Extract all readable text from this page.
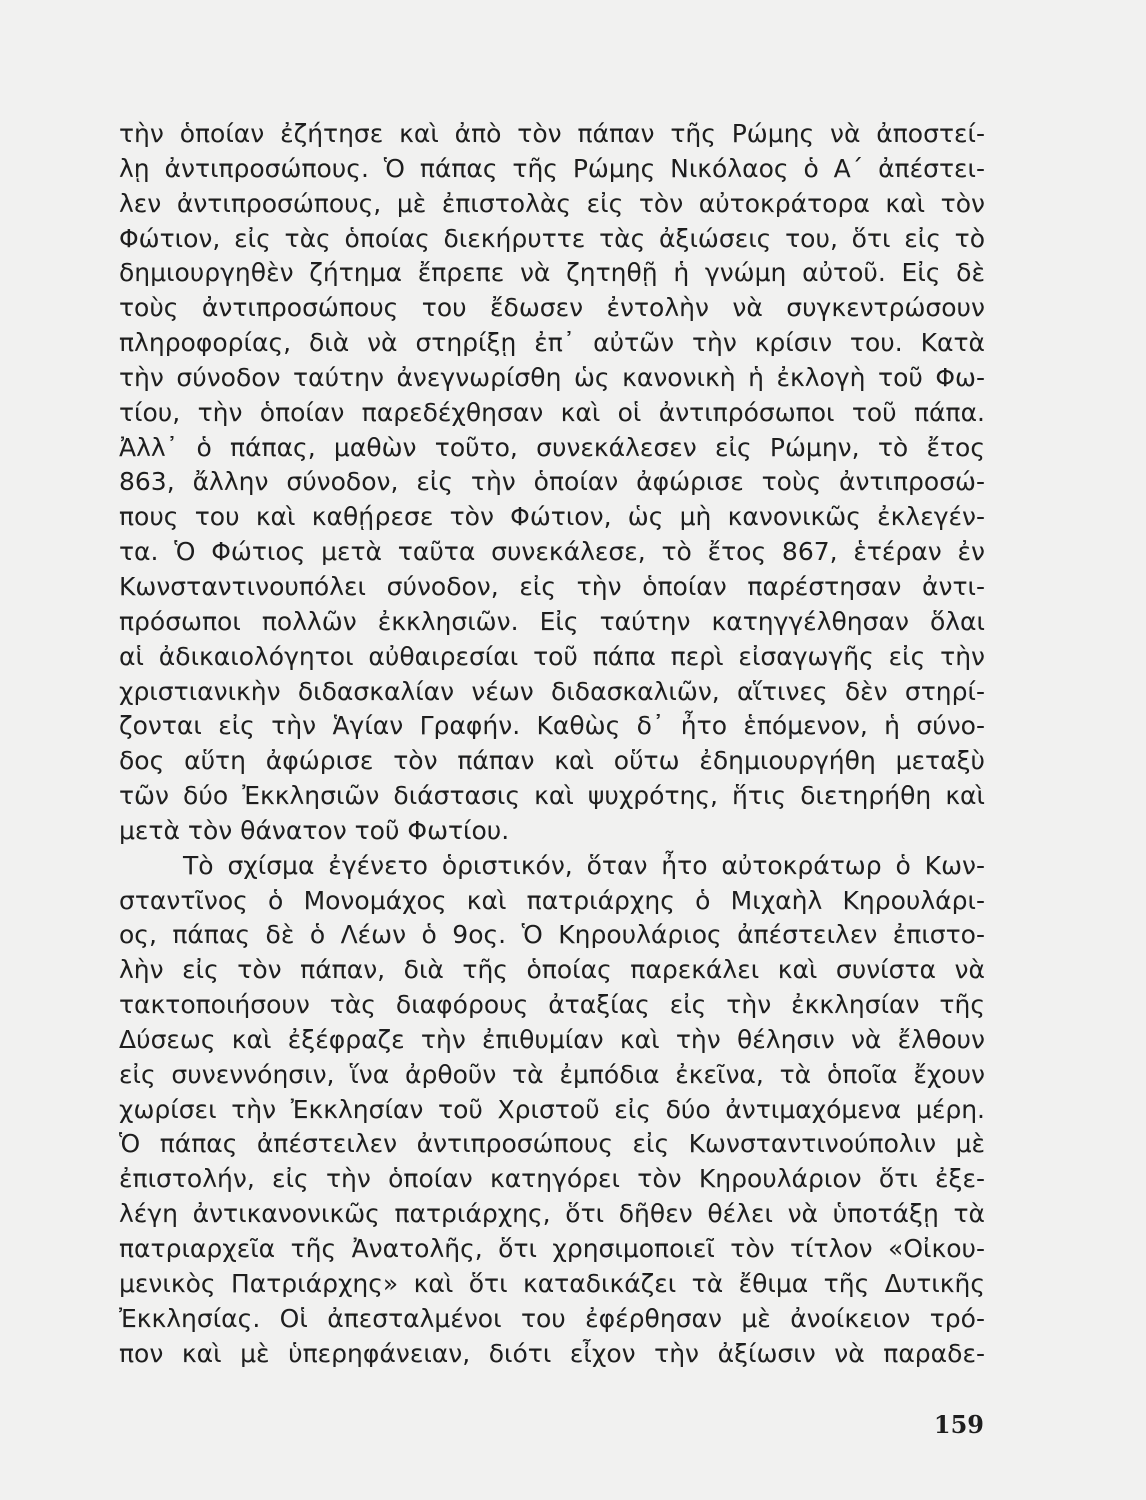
τὴν ὁποίαν ἐζήτησε καὶ ἀπὸ τὸν πάπαν τῆς Ρώμης νὰ ἀποστεί-
λῃ ἀντιπροσώπους. Ὁ πάπας τῆς Ρώμης Νικόλαος ὁ Α΄ ἀπέστει-
λεν ἀντιπροσώπους, μὲ ἐπιστολὰς εἰς τὸν αὐτοκράτορα καὶ τὸν
Φώτιον, εἰς τὰς ὁποίας διεκήρυττε τὰς ἀξιώσεις του, ὅτι εἰς τὸ
δημιουργηθὲν ζήτημα ἔπρεπε νὰ ζητηθῇ ἡ γνώμη αὐτοῦ. Εἰς δὲ
τοὺς ἀντιπροσώπους του ἔδωσεν ἐντολὴν νὰ συγκεντρώσουν
πληροφορίας, διὰ νὰ στηρίξῃ ἐπ᾽ αὐτῶν τὴν κρίσιν του. Κατὰ
τὴν σύνοδον ταύτην ἀνεγνωρίσθη ὡς κανονικὴ ἡ ἐκλογὴ τοῦ Φω-
τίου, τὴν ὁποίαν παρεδέχθησαν καὶ οἱ ἀντιπρόσωποι τοῦ πάπα.
Ἀλλ᾽ ὁ πάπας, μαθὼν τοῦτο, συνεκάλεσεν εἰς Ρώμην, τὸ ἔτος
863, ἄλλην σύνοδον, εἰς τὴν ὁποίαν ἀφώρισε τοὺς ἀντιπροσώ-
πους του καὶ καθῄρεσε τὸν Φώτιον, ὡς μὴ κανονικῶς ἐκλεγέν-
τα. Ὁ Φώτιος μετὰ ταῦτα συνεκάλεσε, τὸ ἔτος 867, ἑτέραν ἐν
Κωνσταντινουπόλει σύνοδον, εἰς τὴν ὁποίαν παρέστησαν ἀντι-
πρόσωποι πολλῶν ἐκκλησιῶν. Εἰς ταύτην κατηγγέλθησαν ὅλαι
αἱ ἀδικαιολόγητοι αὐθαιρεσίαι τοῦ πάπα περὶ εἰσαγωγῆς εἰς τὴν
χριστιανικὴν διδασκαλίαν νέων διδασκαλιῶν, αἵτινες δὲν στηρί-
ζονται εἰς τὴν Ἁγίαν Γραφήν. Καθὼς δ᾽ ἦτο ἑπόμενον, ἡ σύνο-
δος αὕτη ἀφώρισε τὸν πάπαν καὶ οὕτω ἐδημιουργήθη μεταξὺ
τῶν δύο Ἐκκλησιῶν διάστασις καὶ ψυχρότης, ἥτις διετηρήθη καὶ
μετὰ τὸν θάνατον τοῦ Φωτίου.
Τὸ σχίσμα ἐγένετο ὁριστικόν, ὅταν ἦτο αὐτοκράτωρ ὁ Κων-
σταντῖνος ὁ Μονομάχος καὶ πατριάρχης ὁ Μιχαὴλ Κηρουλάρι-
ος, πάπας δὲ ὁ Λέων ὁ 9ος. Ὁ Κηρουλάριος ἀπέστειλεν ἐπιστο-
λὴν εἰς τὸν πάπαν, διὰ τῆς ὁποίας παρεκάλει καὶ συνίστα νὰ
τακτοποιήσουν τὰς διαφόρους ἀταξίας εἰς τὴν ἐκκλησίαν τῆς
Δύσεως καὶ ἐξέφραζε τὴν ἐπιθυμίαν καὶ τὴν θέλησιν νὰ ἔλθουν
εἰς συνεννόησιν, ἵνα ἀρθοῦν τὰ ἐμπόδια ἐκεῖνα, τὰ ὁποῖα ἔχουν
χωρίσει τὴν Ἐκκλησίαν τοῦ Χριστοῦ εἰς δύο ἀντιμαχόμενα μέρη.
Ὁ πάπας ἀπέστειλεν ἀντιπροσώπους εἰς Κωνσταντινούπολιν μὲ
ἐπιστολήν, εἰς τὴν ὁποίαν κατηγόρει τὸν Κηρουλάριον ὅτι ἐξε-
λέγη ἀντικανονικῶς πατριάρχης, ὅτι δῆθεν θέλει νὰ ὑποτάξῃ τὰ
πατριαρχεῖα τῆς Ἀνατολῆς, ὅτι χρησιμοποιεῖ τὸν τίτλον «Οἰκου-
μενικὸς Πατριάρχης» καὶ ὅτι καταδικάζει τὰ ἔθιμα τῆς Δυτικῆς
Ἐκκλησίας. Οἱ ἀπεσταλμένοι του ἐφέρθησαν μὲ ἀνοίκειον τρό-
πον καὶ μὲ ὑπερηφάνειαν, διότι εἶχον τὴν ἀξίωσιν νὰ παραδε-
159
